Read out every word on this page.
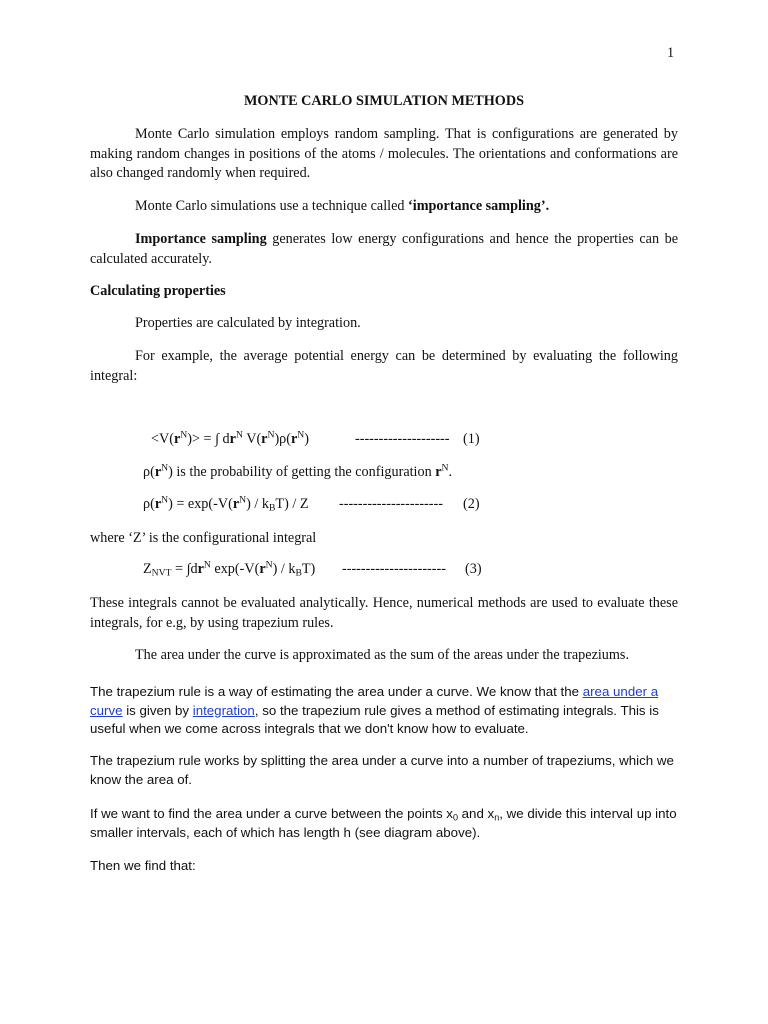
1
MONTE CARLO SIMULATION METHODS
Monte Carlo simulation employs random sampling. That is configurations are generated by making random changes in positions of the atoms / molecules. The orientations and conformations are also changed randomly when required.
Monte Carlo simulations use a technique called ‘importance sampling’.
Importance sampling generates low energy configurations and hence the properties can be calculated accurately.
Calculating properties
Properties are calculated by integration.
For example, the average potential energy can be determined by evaluating the following integral:
$<V(r^N)>$ = ∫ $dr^N$ $V(r^N)\rho(r^N)$	-------------------- (1)
$\rho(r^N)$ is the probability of getting the configuration $r^N$.
$\rho(r^N) = \exp(-V(r^N) / k_BT) / Z$ ---------------------- (2)
where ‘Z’ is the configurational integral
$Z_{NVT} = \int dr^N$ $\exp(-V(r^N) / k_BT)$ ---------------------- (3)
These integrals cannot be evaluated analytically. Hence, numerical methods are used to evaluate these integrals, for e.g, by using trapezium rules.
The area under the curve is approximated as the sum of the areas under the trapeziums.
The trapezium rule is a way of estimating the area under a curve. We know that the area under a curve is given by integration, so the trapezium rule gives a method of estimating integrals. This is useful when we come across integrals that we don't know how to evaluate.
The trapezium rule works by splitting the area under a curve into a number of trapeziums, which we know the area of.
If we want to find the area under a curve between the points $x_0$ and $x_n$, we divide this interval up into smaller intervals, each of which has length h (see diagram above).
Then we find that:
